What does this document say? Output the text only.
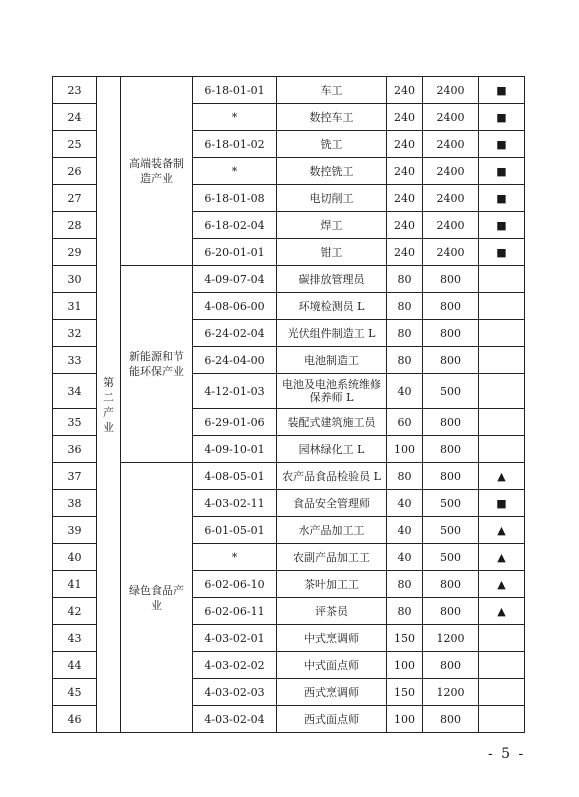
23	第二产业	高端装备制造产业	6-18-01-01	车工	240	2400	■
24			*	数控车工	240	2400	■
25			6-18-01-02	铣工	240	2400	■
26			*	数控铣工	240	2400	■
27			6-18-01-08	电切削工	240	2400	■
28			6-18-02-04	焊工	240	2400	■
29			6-20-01-01	钳工	240	2400	■
30		新能源和节能环保产业	4-09-07-04	碳排放管理员	80	800	
31			4-08-06-00	环境检测员 L	80	800	
32			6-24-02-04	光伏组件制造工 L	80	800	
33			6-24-04-00	电池制造工	80	800	
34			4-12-01-03	电池及电池系统维修保养师 L	40	500	
35			6-29-01-06	装配式建筑施工员	60	800	
36			4-09-10-01	园林绿化工 L	100	800	
37		绿色食品产业	4-08-05-01	农产品食品检验员 L	80	800	▲
38			4-03-02-11	食品安全管理师	40	500	■
39			6-01-05-01	水产品加工工	40	500	▲
40			*	农副产品加工工	40	500	▲
41			6-02-06-10	茶叶加工工	80	800	▲
42			6-02-06-11	评茶员	80	800	▲
43			4-03-02-01	中式烹调师	150	1200	
44			4-03-02-02	中式面点师	100	800	
45			4-03-02-03	西式烹调师	150	1200	
46			4-03-02-04	西式面点师	100	800	
- 5 -
